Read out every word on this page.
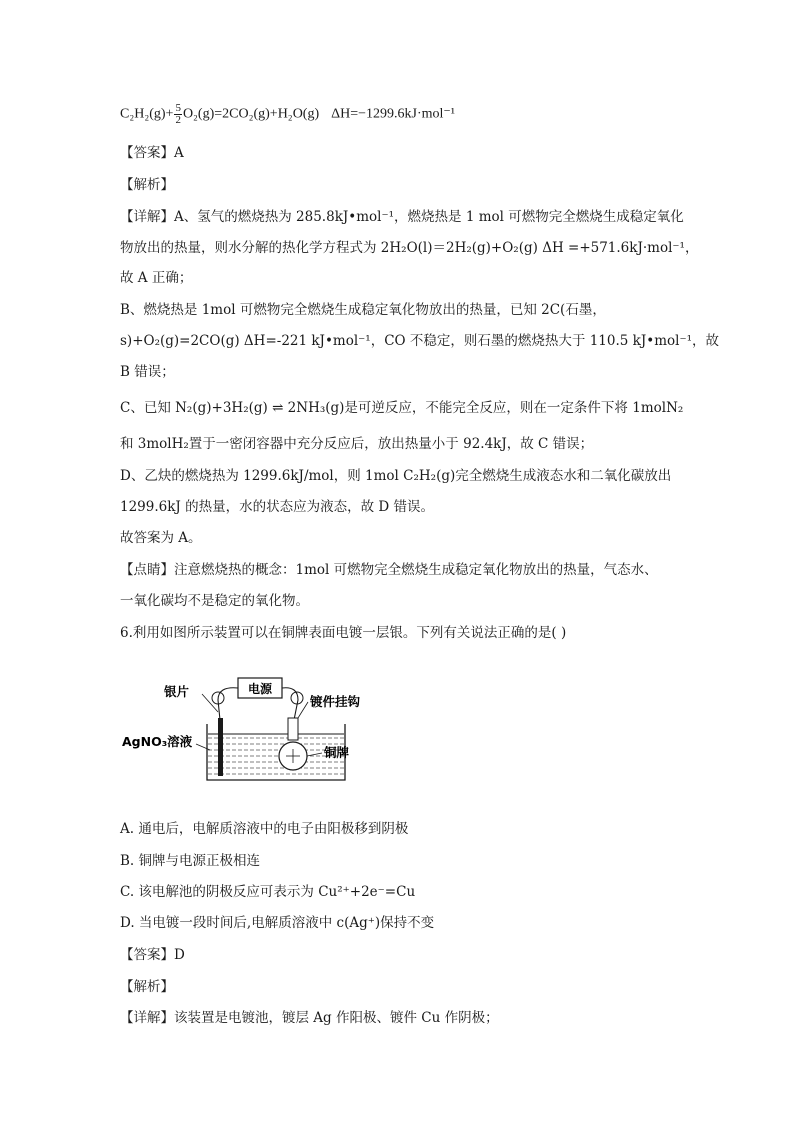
$C_2H_2(g)+ \frac{5}{2} O_2(g)=2CO_2(g)+H_2O(g)$ ΔH=−1299.6kJ·mol⁻¹
【答案】A
【解析】
【详解】A、氢气的燃烧热为 285.8kJ•mol⁻¹，燃烧热是 1 mol 可燃物完全燃烧生成稳定氧化
物放出的热量，则水分解的热化学方程式为 2H₂O(l)＝2H₂(g)+O₂(g) ΔH =+571.6kJ·mol⁻¹，
故 A 正确；
B、燃烧热是 1mol 可燃物完全燃烧生成稳定氧化物放出的热量，已知 2C(石墨，
s)+O₂(g)=2CO(g) ΔH=-221 kJ•mol⁻¹，CO 不稳定，则石墨的燃烧热大于 110.5 kJ•mol⁻¹，故
B 错误；
C、已知 N₂(g)+3H₂(g) ⇌ 2NH₃(g)是可逆反应，不能完全反应，则在一定条件下将 1molN₂
和 3molH₂置于一密闭容器中充分反应后，放出热量小于 92.4kJ，故 C 错误；
D、乙炔的燃烧热为 1299.6kJ/mol，则 1mol C₂H₂(g)完全燃烧生成液态水和二氧化碳放出
1299.6kJ 的热量，水的状态应为液态，故 D 错误。
故答案为 A。
【点睛】注意燃烧热的概念：1mol 可燃物完全燃烧生成稳定氧化物放出的热量，气态水、
一氧化碳均不是稳定的氧化物。
6.利用如图所示装置可以在铜牌表面电镀一层银。下列有关说法正确的是( )
电源
银片
镀件挂钩
AgNO₃溶液
铜牌
A. 通电后，电解质溶液中的电子由阳极移到阴极
B. 铜牌与电源正极相连
C. 该电解池的阴极反应可表示为 Cu²⁺+2e⁻=Cu
D. 当电镀一段时间后,电解质溶液中 c(Ag⁺)保持不变
【答案】D
【解析】
【详解】该装置是电镀池，镀层 Ag 作阳极、镀件 Cu 作阴极；
